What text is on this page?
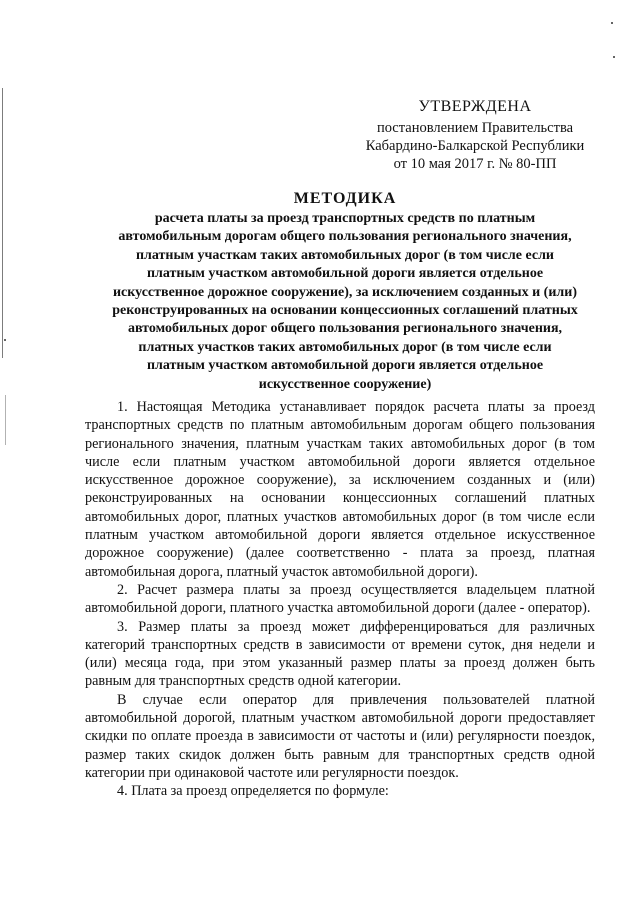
УТВЕРЖДЕНА
постановлением Правительства
Кабардино-Балкарской Республики
от 10 мая 2017 г. № 80-ПП
МЕТОДИКА
расчета платы за проезд транспортных средств по платным
автомобильным дорогам общего пользования регионального значения,
платным участкам таких автомобильных дорог (в том числе если
платным участком автомобильной дороги является отдельное
искусственное дорожное сооружение), за исключением созданных и (или)
реконструированных на основании концессионных соглашений платных
автомобильных дорог общего пользования регионального значения,
платных участков таких автомобильных дорог (в том числе если
платным участком автомобильной дороги является отдельное
искусственное сооружение)

1. Настоящая Методика устанавливает порядок расчета платы за проезд транспортных средств по платным автомобильным дорогам общего пользования регионального значения, платным участкам таких автомобильных дорог (в том числе если платным участком автомобильной дороги является отдельное искусственное дорожное сооружение), за исключением созданных и (или) реконструированных на основании концессионных соглашений платных автомобильных дорог, платных участков автомобильных дорог (в том числе если платным участком автомобильной дороги является отдельное искусственное дорожное сооружение) (далее соответственно - плата за проезд, платная автомобильная дорога, платный участок автомобильной дороги).

2. Расчет размера платы за проезд осуществляется владельцем платной автомобильной дороги, платного участка автомобильной дороги (далее - оператор).

3. Размер платы за проезд может дифференцироваться для различных категорий транспортных средств в зависимости от времени суток, дня недели и (или) месяца года, при этом указанный размер платы за проезд должен быть равным для транспортных средств одной категории.

В случае если оператор для привлечения пользователей платной автомобильной дорогой, платным участком автомобильной дороги предоставляет скидки по оплате проезда в зависимости от частоты и (или) регулярности поездок, размер таких скидок должен быть равным для транспортных средств одной категории при одинаковой частоте или регулярности поездок.

4. Плата за проезд определяется по формуле:
